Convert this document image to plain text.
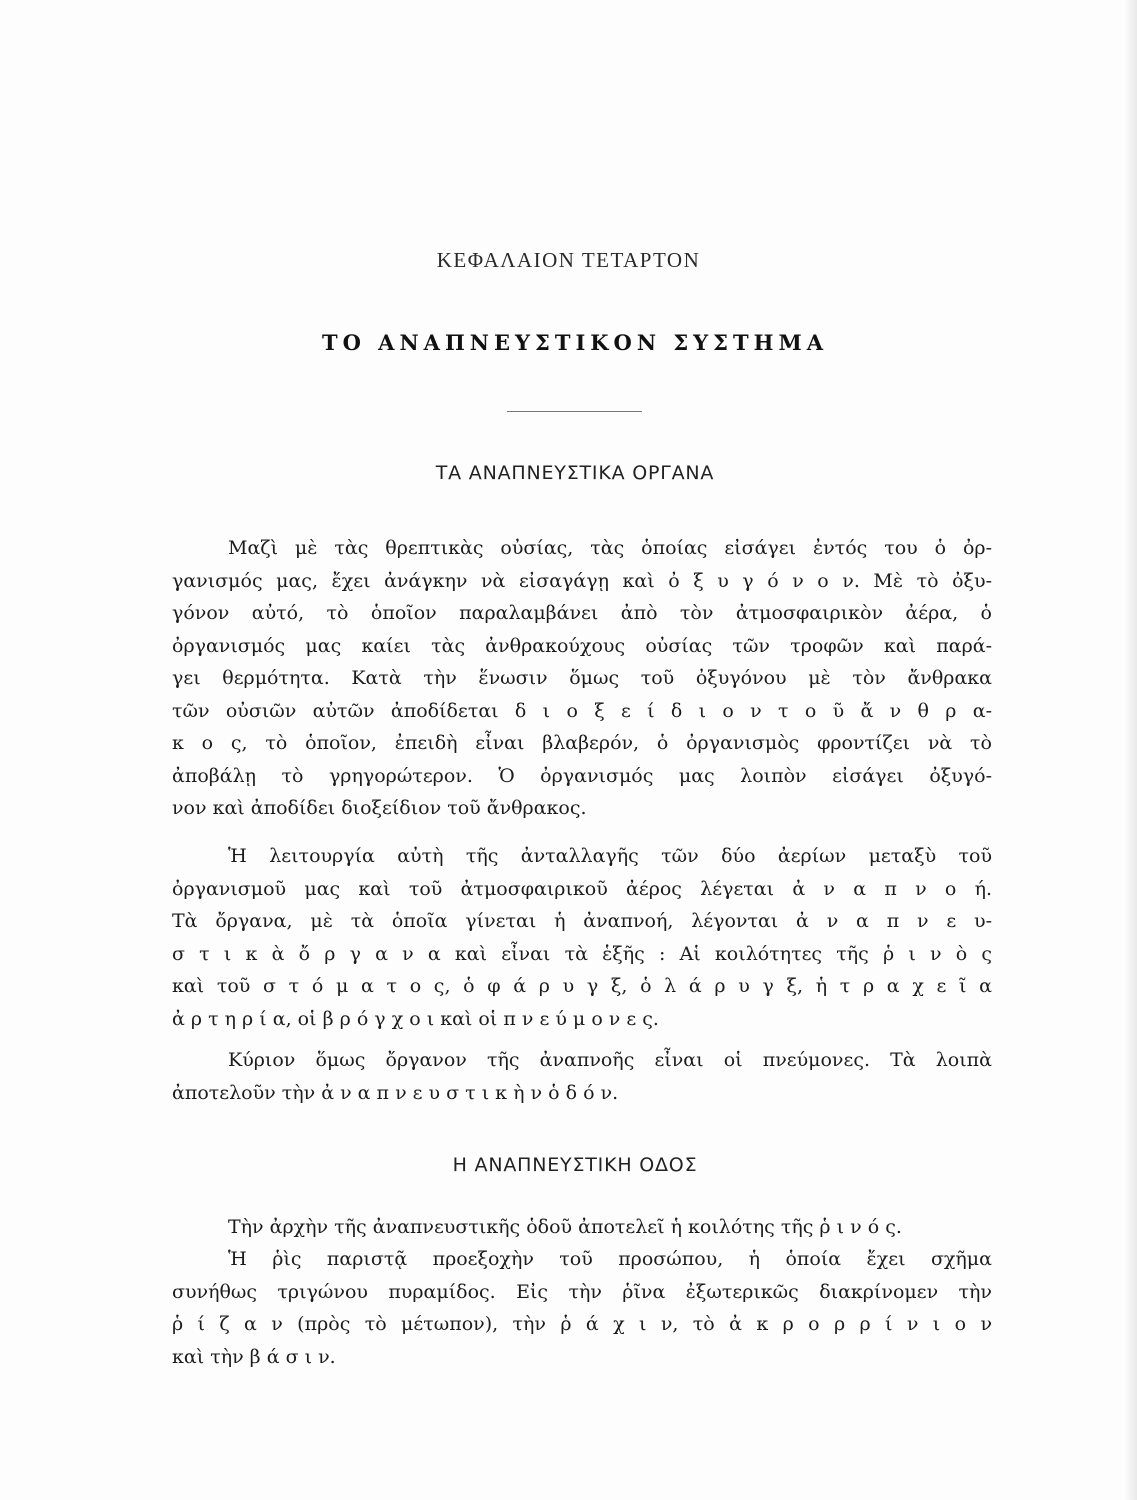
ΚΕΦΑΛΑΙΟΝ ΤΕΤΑΡΤΟΝ
ΤΟ ΑΝΑΠΝΕΥΣΤΙΚΟΝ ΣΥΣΤΗΜΑ
ΤΑ ΑΝΑΠΝΕΥΣΤΙΚΑ ΟΡΓΑΝΑ
Μαζὶ μὲ τὰς θρεπτικὰς οὐσίας, τὰς ὁποίας εἰσάγει ἐντός του ὁ ὀρ-
γανισμός μας, ἔχει ἀνάγκην νὰ εἰσαγάγῃ καὶ ὀ ξ υ γ ό ν ο ν. Μὲ τὸ ὀξυ-
γόνον αὐτό, τὸ ὁποῖον παραλαμβάνει ἀπὸ τὸν ἀτμοσφαιρικὸν ἀέρα, ὁ
ὀργανισμός μας καίει τὰς ἀνθρακούχους οὐσίας τῶν τροφῶν καὶ παρά-
γει θερμότητα. Κατὰ τὴν ἕνωσιν ὅμως τοῦ ὀξυγόνου μὲ τὸν ἄνθρακα
τῶν οὐσιῶν αὐτῶν ἀποδίδεται δ ι ο ξ ε ί δ ι ο ν τ ο ῦ ἄ ν θ ρ α-
κ ο ς, τὸ ὁποῖον, ἐπειδὴ εἶναι βλαβερόν, ὁ ὀργανισμὸς φροντίζει νὰ τὸ
ἀποβάλῃ τὸ γρηγορώτερον. Ὁ ὀργανισμός μας λοιπὸν εἰσάγει ὀξυγό-
νον καὶ ἀποδίδει διοξείδιον τοῦ ἄνθρακος.
Ἡ λειτουργία αὐτὴ τῆς ἀνταλλαγῆς τῶν δύο ἀερίων μεταξὺ τοῦ
ὀργανισμοῦ μας καὶ τοῦ ἀτμοσφαιρικοῦ ἀέρος λέγεται ἀ ν α π ν ο ή.
Τὰ ὄργανα, μὲ τὰ ὁποῖα γίνεται ἡ ἀναπνοή, λέγονται ἀ ν α π ν ε υ-
σ τ ι κ ὰ ὄ ρ γ α ν α καὶ εἶναι τὰ ἑξῆς : Αἱ κοιλότητες τῆς ῥ ι ν ὸ ς
καὶ τοῦ σ τ ό μ α τ ο ς, ὁ φ ά ρ υ γ ξ, ὁ λ ά ρ υ γ ξ, ἡ τ ρ α χ ε ῖ α
ἀ ρ τ η ρ ί α, οἱ β ρ ό γ χ ο ι καὶ οἱ π ν ε ύ μ ο ν ε ς.
Κύριον ὅμως ὄργανον τῆς ἀναπνοῆς εἶναι οἱ πνεύμονες. Τὰ λοιπὰ
ἀποτελοῦν τὴν ἀ ν α π ν ε υ σ τ ι κ ὴ ν ὁ δ ό ν.
Η ΑΝΑΠΝΕΥΣΤΙΚΗ ΟΔΟΣ
Τὴν ἀρχὴν τῆς ἀναπνευστικῆς ὁδοῦ ἀποτελεῖ ἡ κοιλότης τῆς ῥ ι ν ό ς.
Ἡ ῥὶς παριστᾷ προεξοχὴν τοῦ προσώπου, ἡ ὁποία ἔχει σχῆμα
συνήθως τριγώνου πυραμίδος. Εἰς τὴν ῥῖνα ἐξωτερικῶς διακρίνομεν τὴν
ῥ ί ζ α ν (πρὸς τὸ μέτωπον), τὴν ῥ ά χ ι ν, τὸ ἀ κ ρ ο ρ ρ ί ν ι ο ν
καὶ τὴν β ά σ ι ν.
